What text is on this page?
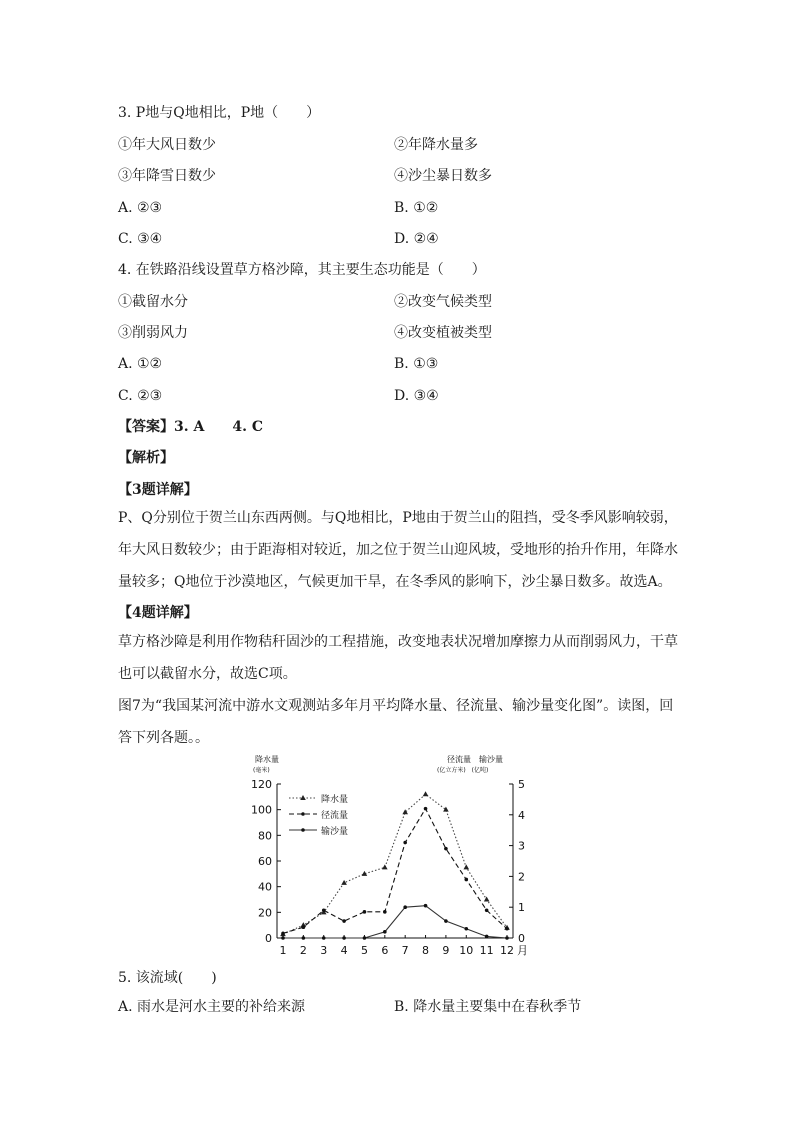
3. P地与Q地相比，P地（　　）
①年大风日数少	②年降水量多
③年降雪日数少	④沙尘暴日数多
A. ②③	B. ①②
C. ③④	D. ②④
4. 在铁路沿线设置草方格沙障，其主要生态功能是（　　）
①截留水分	②改变气候类型
③削弱风力	④改变植被类型
A. ①②	B. ①③
C. ②③	D. ③④
【答案】3. A　　4. C
【解析】
【3题详解】
P、Q分别位于贺兰山东西两侧。与Q地相比，P地由于贺兰山的阻挡，受冬季风影响较弱，年大风日数较少；由于距海相对较近，加之位于贺兰山迎风坡，受地形的抬升作用，年降水量较多；Q地位于沙漠地区，气候更加干旱，在冬季风的影响下，沙尘暴日数多。故选A。
【4题详解】
草方格沙障是利用作物秸秆固沙的工程措施，改变地表状况增加摩擦力从而削弱风力，干草也可以截留水分，故选C项。
图7为“我国某河流中游水文观测站多年月平均降水量、径流量、输沙量变化图”。读图，回答下列各题。。
0
20
40
60
80
100
120
0
1
2
3
4
5
1 2 3 4 5 6 7 8 9 10 11 12 月
降水量
(毫米)
径流量　输沙量
(亿立方米)　(亿吨)
降水量
径流量
输沙量
5. 该流域(　　)
A. 雨水是河水主要的补给来源	B. 降水量主要集中在春秋季节
